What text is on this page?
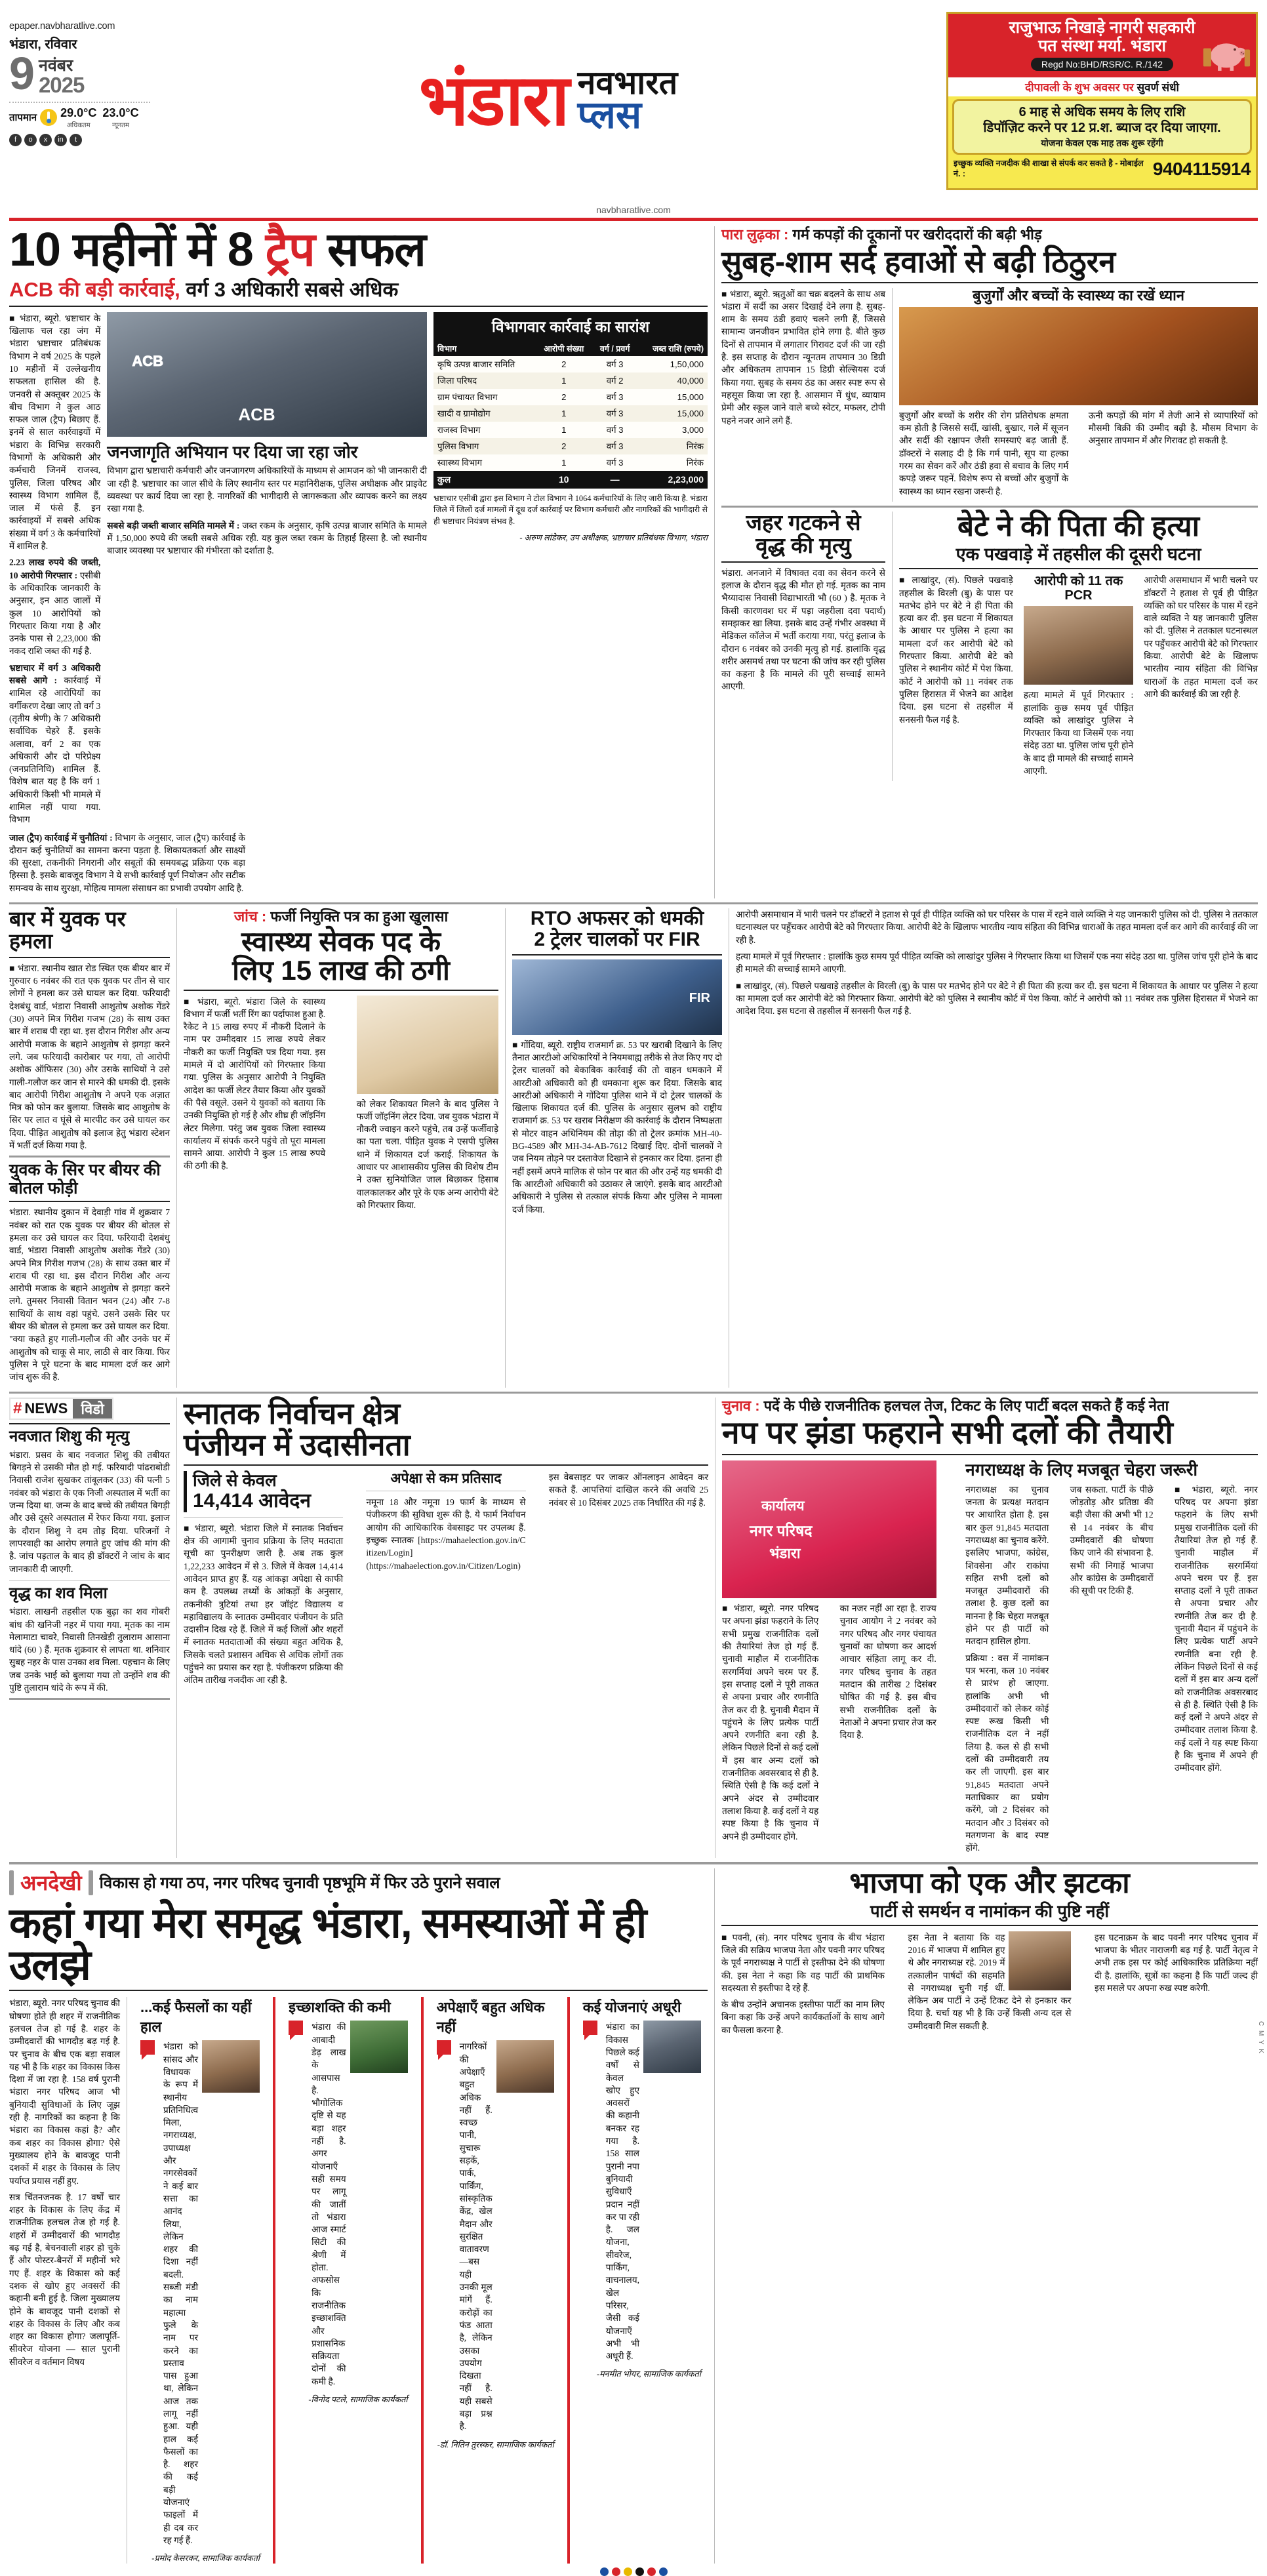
epaper.navbharatlive.com
भंडारा, रविवार
9 नवंबर
2025
तापमान 29.0°C
अधिकतम
23.0°C
न्यूनतम
f	o	x	in	t
भंडारा नवभारत
प्लस
राजुभाऊ निखाड़े नागरी सहकारी
पत संस्था मर्या. भंडारा
Regd No:BHD/RSR/C. R./142
दीपावली के शुभ अवसर पर सुवर्ण संधी
6 माह से अधिक समय के लिए राशि
डिपॉज़िट करने पर 12 प्र.श. ब्याज दर दिया जाएगा.
योजना केवल एक माह तक शुरू रहेंगी
इच्छुक व्यक्ति नजदीक की शाखा से संपर्क कर सकते है - मोबाईल नं. :	9404115914
navbharatlive.com
10 महीनों में 8 ट्रैप सफल
ACB की बड़ी कार्रवाई, वर्ग 3 अधिकारी सबसे अधिक

■ भंडारा, ब्यूरो. भ्रष्टाचार के खिलाफ चल रहा जंग में भंडारा भ्रष्टाचार प्रतिबंधक विभाग ने वर्ष 2025 के पहले 10 महीनों में उल्लेखनीय सफलता हासिल की है. जनवरी से अक्तूबर 2025 के बीच विभाग ने कुल आठ सफल जाल (ट्रैप) बिछाए हैं. इनमें से साल कार्रवाइयों में भंडारा के विभिन्न सरकारी विभागों के अधिकारी और कर्मचारी जिनमें राजस्व, पुलिस, जिला परिषद और स्वास्थ्य विभाग शामिल हैं, जाल में फंसे हैं. इन कार्रवाइयों में सबसे अधिक संख्या में वर्ग 3 के कर्मचारियों में शामिल है.

2.23 लाख रुपये की जब्ती, 10 आरोपी गिरफ्तार : एसीबी के अधिकारिक जानकारी के अनुसार, इन आठ जालों में कुल 10 आरोपियों को गिरफ्तार किया गया है और उनके पास से 2,23,000 की नकद राशि जब्त की गई है.

भ्रष्टाचार में वर्ग 3 अधिकारी सबसे आगे : कार्रवाई में शामिल रहे आरोपियों का वर्गीकरण देखा जाए तो वर्ग 3 (तृतीय श्रेणी) के 7 अधिकारी सर्वाधिक चेहरे हैं. इसके अलावा, वर्ग 2 का एक अधिकारी और दो परिप्रेक्ष्य (जनप्रतिनिधि) शामिल हैं. विशेष बात यह है कि वर्ग 1 अधिकारी किसी भी मामले में शामिल नहीं पाया गया. विभाग

ACB
ACB
जनजागृति अभियान पर दिया जा रहा जोर

विभाग द्वारा भ्रष्टाचारी कर्मचारी और जनजागरण अधिकारियों के माध्यम से आमजन को भी जानकारी दी जा रही है. भ्रष्टाचार का जाल सीधे के लिए स्थानीय स्तर पर महानिरीक्षक, पुलिस अधीक्षक और प्राइवेट व्यवस्था पर कार्य दिया जा रहा है. नागरिकों की भागीदारी से जागरूकता और व्यापक करने का लक्ष्य रखा गया है.

सबसे बड़ी जब्ती बाजार समिति मामले में : जब्त रकम के अनुसार, कृषि उत्पन्न बाजार समिति के मामले में 1,50,000 रुपये की जब्ती सबसे अधिक रही. यह कुल जब्त रकम के तिहाई हिस्सा है. जो स्थानीय बाजार व्यवस्था पर भ्रष्टाचार की गंभीरता को दर्शाता है.

विभागवार कार्रवाई का सारांश
विभाग	आरोपी संख्या	वर्ग / प्रवर्ग	जब्त राशि (रुपये)
कृषि उत्पन्न बाजार समिति	2	वर्ग 3	1,50,000
जिला परिषद	1	वर्ग 2	40,000
ग्राम पंचायत विभाग	2	वर्ग 3	15,000
खादी व ग्रामोद्योग	1	वर्ग 3	15,000
राजस्व विभाग	1	वर्ग 3	3,000
पुलिस विभाग	2	वर्ग 3	निरंक
स्वास्थ्य विभाग	1	वर्ग 3	निरंक
कुल	10	—	2,23,000

भ्रष्टाचार एसीबी द्वारा इस विभाग ने टोल विभाग ने 1064 कर्मचारियों के लिए जारी किया है. भंडारा जिले में जिलों दर्ज मामलों में दूध दर्ज कार्रवाई पर विभाग कर्मचारी और नागरिकों की भागीदारी से ही भ्रष्टाचार नियंत्रण संभव है.

- अरुण लांडेकर, उप अधीक्षक, भ्रष्टाचार प्रतिबंधक विभाग, भंडारा

जाल (ट्रैप) कार्रवाई में चुनौतियां : विभाग के अनुसार, जाल (ट्रैप) कार्रवाई के दौरान कई चुनौतियों का सामना करना पड़ता है. शिकायतकर्ता और साक्ष्यों की सुरक्षा, तकनीकी निगरानी और सबूतों की समयबद्ध प्रक्रिया एक बड़ा हिस्सा है. इसके बावजूद विभाग ने ये सभी कार्रवाई पूर्ण नियोजन और सटीक समन्वय के साथ सुरक्षा, मोहित्य मामला संसाधन का प्रभावी उपयोग आदि है.

पारा लुढ़का : गर्म कपड़ों की दूकानों पर खरीददारों की बढ़ी भीड़
सुबह-शाम सर्द हवाओं से बढ़ी ठिठुरन

■ भंडारा, ब्यूरो. ऋतुओं का चक्र बदलने के साथ अब भंडारा में सर्दी का असर दिखाई देने लगा है. सुबह-शाम के समय ठंडी हवाएं चलने लगी हैं, जिससे सामान्य जनजीवन प्रभावित होने लगा है. बीते कुछ दिनों से तापमान में लगातार गिरावट दर्ज की जा रही है. इस सप्ताह के दौरान न्यूनतम तापमान 30 डिग्री और अधिकतम तापमान 15 डिग्री सेल्सियस दर्ज किया गया. सुबह के समय ठंड का असर स्पष्ट रूप से महसूस किया जा रहा है. आसमान में धुंध, व्यायाम प्रेमी और स्कूल जाने वाले बच्चे स्वेटर, मफलर, टोपी पहने नजर आने लगे हैं.

बुजुर्गों और बच्चों के स्वास्थ्य का रखें ध्यान

बुजुर्गों और बच्चों के शरीर की रोग प्रतिरोधक क्षमता कम होती है जिससे सर्दी, खांसी, बुखार, गले में सूजन और सर्दी की रक्षापन जैसी समस्याएं बढ़ जाती हैं. डॉक्टरों ने सलाह दी है कि गर्म पानी, सूप या हल्का गरम का सेवन करें और ठंडी हवा से बचाव के लिए गर्म कपड़े जरूर पहनें. विशेष रूप से बच्चों और बुजुर्गों के स्वास्थ्य का ध्यान रखना जरूरी है.

ऊनी कपड़ों की मांग में तेजी आने से व्यापारियों को मौसमी बिक्री की उम्मीद बढ़ी है. मौसम विभाग के अनुसार तापमान में और गिरावट हो सकती है.

जहर गटकने से
वृद्ध की मृत्यु

भंडारा. अनजाने में विषाक्त दवा का सेवन करने से इलाज के दौरान वृद्ध की मौत हो गई. मृतक का नाम भैय्यादास निवासी विद्याभारती भौ (60 ) है. मृतक ने किसी कारणवश घर में पड़ा जहरीला दवा पदार्थ) समझकर खा लिया. इसके बाद उन्हें गंभीर अवस्था में मेडिकल कॉलेज में भर्ती कराया गया, परंतु इलाज के दौरान 6 नवंबर को उनकी मृत्यु हो गई. हालांकि वृद्ध शरीर असमर्थ तथा पर घटना की जांच कर रही पुलिस का कहना है कि मामले की पूरी सच्चाई सामने आएगी.

बेटे ने की पिता की हत्या
एक पखवाड़े में तहसील की दूसरी घटना

■ लाखांदुर, (सं). पिछले पखवाड़े तहसील के विरली (बु) के पास पर मतभेद होने पर बेटे ने ही पिता की हत्या कर दी. इस घटना में शिकायत के आधार पर पुलिस ने हत्या का मामला दर्ज कर आरोपी बेटे को गिरफ्तार किया. आरोपी बेटे को पुलिस ने स्थानीय कोर्ट में पेश किया. कोर्ट ने आरोपी को 11 नवंबर तक पुलिस हिरासत में भेजने का आदेश दिया. इस घटना से तहसील में सनसनी फैल गई है.

आरोपी को 11 तक PCR

हत्या मामले में पूर्व गिरफ्तार : हालांकि कुछ समय पूर्व पीड़ित व्यक्ति को लाखांदुर पुलिस ने गिरफ्तार किया था जिसमें एक नया संदेह उठा था. पुलिस जांच पूरी होने के बाद ही मामले की सच्चाई सामने आएगी.

आरोपी असमाधान में भारी चलने पर डॉक्टरों ने हताश से पूर्व ही पीड़ित व्यक्ति को घर परिसर के पास में रहने वाले व्यक्ति ने यह जानकारी पुलिस को दी. पुलिस ने ततकाल घटनास्थल पर पहुँचकर आरोपी बेटे को गिरफ्तार किया. आरोपी बेटे के खिलाफ भारतीय न्याय संहिता की विभिन्न धाराओं के तहत मामला दर्ज कर आगे की कार्रवाई की जा रही है.

बार में युवक पर हमला

■ भंडारा. स्थानीय खात रोड स्थित एक बीयर बार में गुरुवार 6 नवंबर की रात एक युवक पर तीन से चार लोगों ने हमला कर उसे घायल कर दिया. फरियादी देशबंधु वार्ड, भंडारा निवासी आशुतोष अशोक गेंडरे (30) अपने मित्र गिरीश गजभ (28) के साथ उक्त बार में शराब पी रहा था. इस दौरान गिरीश और अन्य आरोपी मजाक के बहाने आशुतोष से झगड़ा करने लगे. जब फरियादी कारोबार पर गया, तो आरोपी अशोक ऑफिसर (30) और उसके साथियों ने उसे गाली-गलौज कर जान से मारने की धमकी दी. इसके बाद आरोपी गिरीश आशुतोष ने अपने एक अज्ञात मित्र को फोन कर बुलाया. जिसके बाद आशुतोष के सिर पर लात व घूंसे से मारपीट कर उसे घायल कर दिया. पीड़ित आशुतोष को इलाज हेतु भंडारा स्टेशन में भर्ती दर्ज किया गया है.

युवक के सिर पर बीयर की बोतल फोड़ी

भंडारा. स्थानीय दुकान में देवाड़ी गांव में शुक्रवार 7 नवंबर को रात एक युवक पर बीयर की बोतल से हमला कर उसे घायल कर दिया. फरियादी देशबंधु वार्ड, भंडारा निवासी आशुतोष अशोक गेंडरे (30) अपने मित्र गिरीश गजभ (28) के साथ उक्त बार में शराब पी रहा था. इस दौरान गिरीश और अन्य आरोपी मजाक के बहाने आशुतोष से झगड़ा करने लगे. तुमसर निवासी वितान भवन (24) और 7-8 साथियों के साथ वहां पहुंचे. उसने उसके सिर पर बीयर की बोतल से हमला कर उसे घायल कर दिया. "क्या कहते हुए गाली-गलौज की और उनके घर में आशुतोष को चाकू से मार, लाठी से वार किया. फिर पुलिस ने पूरे घटना के बाद मामला दर्ज कर आगे जांच शुरू की है.

जांच : फर्जी नियुक्ति पत्र का हुआ खुलासा
स्वास्थ्य सेवक पद के
लिए 15 लाख की ठगी

■ भंडारा, ब्यूरो. भंडारा जिले के स्वास्थ्य विभाग में फर्जी भर्ती रिंग का पर्दाफाश हुआ है. रैकेट ने 15 लाख रुपए में नौकरी दिलाने के नाम पर उम्मीदवार 15 लाख रुपये लेकर नौकरी का फर्जी नियुक्ति पत्र दिया गया. इस मामले में दो आरोपियों को गिरफ्तार किया गया. पुलिस के अनुसार आरोपी ने नियुक्ति आदेश का फर्जी लेटर तैयार किया और युवकों की पैसे वसूले. उसने ये युवकों को बताया कि उनकी नियुक्ति हो गई है और शीघ्र ही जॉइनिंग लेटर मिलेगा. परंतु जब युवक जिला स्वास्थ्य कार्यालय में संपर्क करने पहुंचे तो पूरा मामला सामने आया. आरोपी ने कुल 15 लाख रुपये की ठगी की है.

को लेकर शिकायत मिलने के बाद पुलिस ने फर्जी जॉइनिंग लेटर दिया. जब युवक भंडारा में नौकरी ज्वाइन करने पहुंचे, तब उन्हें फर्जीवाड़े का पता चला. पीड़ित युवक ने एसपी पुलिस थाने में शिकायत दर्ज कराई. शिकायत के आधार पर आशासकीय पुलिस की विशेष टीम ने उक्त सुनियोजित जाल बिछाकर हिसाब वालकालकर और पूरे के एक अन्य आरोपी बेटे को गिरफ्तार किया.

RTO अफसर को धमकी
2 ट्रेलर चालकों पर FIR
FIR

■ गोंदिया, ब्यूरो. राष्ट्रीय राजमार्ग क्र. 53 पर खराबी दिखाने के लिए तैनात आरटीओ अधिकारियों ने नियमबाह्य तरीके से तेज किए गए दो ट्रेलर चालकों को बेकाबिक कार्रवाई की तो वाहन धमकाने में आरटीओ अधिकारी को ही धमकाना शुरू कर दिया. जिसके बाद आरटीओ अधिकारी ने गोंदिया पुलिस थाने में दो ट्रेलर चालकों के खिलाफ शिकायत दर्ज की. पुलिस के अनुसार सुलभ को राष्ट्रीय राजमार्ग क्र. 53 पर खराब निरीक्षण की कार्रवाई के दौरान निष्पक्षता से मोटर वाहन अधिनियम की तोड़ा की तो ट्रेलर क्रमांक MH-40-BG-4589 और MH-34-AB-7612 दिखाई दिए. दोनों चालकों ने जब नियम तोड़ने पर दस्तावेज दिखाने से इनकार कर दिया. इतना ही नहीं इसमें अपने मालिक से फोन पर बात की और उन्हें यह धमकी दी कि आरटीओ अधिकारी को उठाकर ले जाएंगे. इसके बाद आरटीओ अधिकारी ने पुलिस से तत्काल संपर्क किया और पुलिस ने मामला दर्ज किया.

आरोपी असमाधान में भारी चलने पर डॉक्टरों ने हताश से पूर्व ही पीड़ित व्यक्ति को घर परिसर के पास में रहने वाले व्यक्ति ने यह जानकारी पुलिस को दी. पुलिस ने ततकाल घटनास्थल पर पहुँचकर आरोपी बेटे को गिरफ्तार किया. आरोपी बेटे के खिलाफ भारतीय न्याय संहिता की विभिन्न धाराओं के तहत मामला दर्ज कर आगे की कार्रवाई की जा रही है.

हत्या मामले में पूर्व गिरफ्तार : हालांकि कुछ समय पूर्व पीड़ित व्यक्ति को लाखांदुर पुलिस ने गिरफ्तार किया था जिसमें एक नया संदेह उठा था. पुलिस जांच पूरी होने के बाद ही मामले की सच्चाई सामने आएगी.

■ लाखांदुर, (सं). पिछले पखवाड़े तहसील के विरली (बु) के पास पर मतभेद होने पर बेटे ने ही पिता की हत्या कर दी. इस घटना में शिकायत के आधार पर पुलिस ने हत्या का मामला दर्ज कर आरोपी बेटे को गिरफ्तार किया. आरोपी बेटे को पुलिस ने स्थानीय कोर्ट में पेश किया. कोर्ट ने आरोपी को 11 नवंबर तक पुलिस हिरासत में भेजने का आदेश दिया. इस घटना से तहसील में सनसनी फैल गई है.

# NEWS विडो
नवजात शिशु की मृत्यु

भंडारा. प्रसव के बाद नवजात शिशु की तबीयत बिगड़ने से उसकी मौत हो गई. फरियादी पांढराबोडी निवासी राजेश सुखकर तांबूलकर (33) की पत्नी 5 नवंबर को भंडारा के एक निजी अस्पताल में भर्ती का जन्म दिया था. जन्म के बाद बच्चे की तबीयत बिगड़ी और उसे दूसरे अस्पताल में रेफर किया गया. इलाज के दौरान शिशु ने दम तोड़ दिया. परिजनों ने लापरवाही का आरोप लगाते हुए जांच की मांग की है. जांच पड़ताल के बाद ही डॉक्टरों ने जांच के बाद जानकारी दी जाएगी.

वृद्ध का शव मिला

भंडारा. लाखनी तहसील एक बुढ़ा का शव गोबरी बांध की खनिजी नहर में पाया गया. मृतक का नाम मेलामाटा चावरे, निवासी तिनखेड़ी तुलाराम आसाना धांदे (60 ) हैं. मृतक शुक्रवार से लापता था. शनिवार सुबह नहर के पास उनका शव मिला. पहचान के लिए जब उनके भाई को बुलाया गया तो उन्होंने शव की पुष्टि तुलाराम धांदे के रूप में की.

स्नातक निर्वाचन क्षेत्र
पंजीयन में उदासीनता
जिले से केवल
14,414 आवेदन

■ भंडारा, ब्यूरो. भंडारा जिले में स्नातक निर्वाचन क्षेत्र की आगामी चुनाव प्रक्रिया के लिए मतदाता सूची का पुनरीक्षण जारी है. अब तक कुल 1,22,233 आवेदन में से 3. जिले में केवल 14,414 आवेदन प्राप्त हुए हैं. यह आंकड़ा अपेक्षा से काफी कम है. उपलब्ध तथ्यों के आंकड़ों के अनुसार, तकनीकी त्रुटियां तथा हर जॉइंट विद्यालय व महाविद्यालय के स्नातक उम्मीदवार पंजीयन के प्रति उदासीन दिख रहे हैं. जिले में कई जिलों और शहरों में स्नातक मतदाताओं की संख्या बहुत अधिक है, जिसके चलते प्रशासन अधिक से अधिक लोगों तक पहुंचने का प्रयास कर रहा है. पंजीकरण प्रक्रिया की अंतिम तारीख नजदीक आ रही है.

अपेक्षा से कम प्रतिसाद

नमूना 18 और नमूना 19 फार्म के माध्यम से पंजीकरण की सुविधा शुरू की है. ये फार्म निर्वाचन आयोग की आधिकारिक वेबसाइट पर उपलब्ध हैं. इच्छुक स्नातक [https://mahaelection.gov.in/C itizen/Login](https://mahaelection.gov.in/Citizen/Login)

इस वेबसाइट पर जाकर ऑनलाइन आवेदन कर सकते हैं. आपत्तियां दाखिल करने की अवधि 25 नवंबर से 10 दिसंबर 2025 तक निर्धारित की गई है.

चुनाव : पदें के पीछे राजनीतिक हलचल तेज, टिकट के लिए पार्टी बदल सकते हैं कई नेता
नप पर झंडा फहराने सभी दलों की तैयारी
कार्यालय
नगर परिषद
भंडारा

■ भंडारा, ब्यूरो. नगर परिषद पर अपना झंडा फहराने के लिए सभी प्रमुख राजनीतिक दलों की तैयारियां तेज हो गई हैं. चुनावी माहौल में राजनीतिक सरगर्मियां अपने चरम पर हैं. इस सप्ताह दलों ने पूरी ताकत से अपना प्रचार और रणनीति तेज कर दी है. चुनावी मैदान में पहुंचने के लिए प्रत्येक पार्टी अपने रणनीति बना रही है. लेकिन पिछले दिनों से कई दलों में इस बार अन्य दलों को राजनीतिक अवसरबाद से ही है. स्थिति ऐसी है कि कई दलों ने अपने अंदर से उम्मीदवार तलाश किया है. कई दलों ने यह स्पष्ट किया है कि चुनाव में अपने ही उम्मीदवार होंगे.

का नजर नहीं आ रहा है. राज्य चुनाव आयोग ने 2 नवंबर को नगर परिषद और नगर पंचायत चुनावों का घोषणा कर आदर्श आचार संहिता लागू कर दी. नगर परिषद चुनाव के तहत मतदान की तारीख 2 दिसंबर घोषित की गई है. इस बीच सभी राजनीतिक दलों के नेताओं ने अपना प्रचार तेज कर दिया है.

नगराध्यक्ष के लिए मजबूत चेहरा जरूरी

नगराध्यक्ष का चुनाव जनता के प्रत्यक्ष मतदान पर आधारित होता है. इस बार कुल 91,845 मतदाता नगराध्यक्ष का चुनाव करेंगे. इसलिए भाजपा, कांग्रेस, शिवसेना और राकांपा सहित सभी दलों को मजबूत उम्मीदवारों की तलाश है. कुछ दलों का मानना है कि चेहरा मजबूत होने पर ही पार्टी को मतदान हासिल होगा.

प्रक्रिया : वस में नामांकन पत्र भरना, कल 10 नवंबर से प्रारंभ हो जाएगा. हालांकि अभी भी उम्मीदवारों को लेकर कोई स्पष्ट रूख किसी भी राजनीतिक दल ने नहीं लिया है. कल से ही सभी दलों की उम्मीदवारी तय कर ली जाएगी. इस बार 91,845 मतदाता अपने मताधिकार का प्रयोग करेंगे, जो 2 दिसंबर को मतदान और 3 दिसंबर को मतगणना के बाद स्पष्ट होंगे.

जब सकता. पार्टी के पीछे जोड़तोड़ और प्रतिष्ठा की बड़ी जैसा की अभी भी 12 से 14 नवंबर के बीच उम्मीदवारों की घोषणा किए जाने की संभावना है. सभी की निगाहें भाजपा और कांग्रेस के उम्मीदवारों की सूची पर टिकी हैं.

■ भंडारा, ब्यूरो. नगर परिषद पर अपना झंडा फहराने के लिए सभी प्रमुख राजनीतिक दलों की तैयारियां तेज हो गई हैं. चुनावी माहौल में राजनीतिक सरगर्मियां अपने चरम पर हैं. इस सप्ताह दलों ने पूरी ताकत से अपना प्रचार और रणनीति तेज कर दी है. चुनावी मैदान में पहुंचने के लिए प्रत्येक पार्टी अपने रणनीति बना रही है. लेकिन पिछले दिनों से कई दलों में इस बार अन्य दलों को राजनीतिक अवसरबाद से ही है. स्थिति ऐसी है कि कई दलों ने अपने अंदर से उम्मीदवार तलाश किया है. कई दलों ने यह स्पष्ट किया है कि चुनाव में अपने ही उम्मीदवार होंगे.

अनदेखी विकास हो गया ठप, नगर परिषद चुनावी पृष्ठभूमि में फिर उठे पुराने सवाल
कहां गया मेरा समृद्ध भंडारा, समस्याओं में ही उलझे

भंडारा, ब्यूरो. नगर परिषद चुनाव की घोषणा होते ही शहर में राजनीतिक हलचल तेज हो गई है. शहर के उम्मीदवारों की भागदौड़ बढ़ गई है. पर चुनाव के बीच एक बड़ा सवाल यह भी है कि शहर का विकास किस दिशा में जा रहा है. 158 वर्ष पुरानी भंडारा नगर परिषद आज भी बुनियादी सुविधाओं के लिए जूझ रही है. नागरिकों का कहना है कि भंडारा का विकास कहां है? और कब शहर का विकास होगा? ऐसे मुख्यालय होने के बावजूद पानी दशकों में शहर के विकास के लिए पर्याप्त प्रयास नहीं हुए.

सत्र चिंतनजनक है. 17 वर्षों चार शहर के विकास के लिए केंद्र में राजनीतिक हलचल तेज हो गई है. शहरों में उम्मीदवारों की भागदौड़ बढ़ गई है, बेचनवाली शहर हो चुके हैं और पोस्टर-बैनरों में महीनों भरे गए हैं. शहर के विकास को कई दशक से खोए हुए अवसरों की कहानी बनी हुई है. जिला मुख्यालय होने के बावजूद पानी दशकों से शहर के विकास के लिए और कब शहर का विकास होगा? जलापूर्ति-सीवरेज योजना — साल पुरानी सीवरेज व वर्तमान विषय

...कई फैसलों का यहीं हाल

भंडारा को सांसद और विधायक के रूप में स्थानीय प्रतिनिधित्व मिला, नगराध्यक्ष, उपाध्यक्ष और नगरसेवकों ने कई बार सत्ता का आनंद लिया, लेकिन शहर की दिशा नहीं बदली. सब्जी मंडी का नाम महात्मा फुले के नाम पर करने का प्रस्ताव पास हुआ था, लेकिन आज तक लागू नहीं हुआ. यही हाल कई फैसलों का है. शहर की कई बड़ी योजनाएं फाइलों में ही दब कर रह गई हैं.

-प्रमोद केसरकर, सामाजिक कार्यकर्ता
इच्छाशक्ति की कमी

भंडारा की आबादी डेढ़ लाख के आसपास है. भौगोलिक दृष्टि से यह बड़ा शहर नहीं है. अगर योजनाएँ सही समय पर लागू की जातीं तो भंडारा आज स्मार्ट सिटी की श्रेणी में होता. अफसोस कि राजनीतिक इच्छाशक्ति और प्रशासनिक सक्रियता दोनों की कमी है.

-विनोद पटले, सामाजिक कार्यकर्ता
अपेक्षाएँ बहुत अधिक नहीं

नागरिकों की अपेक्षाएँ बहुत अधिक नहीं हैं. स्वच्छ पानी, सुचारू सड़कें, पार्क, पार्किंग, सांस्कृतिक केंद्र, खेल मैदान और सुरक्षित वातावरण—बस यही उनकी मूल मांगें हैं. करोड़ों का फंड आता है, लेकिन उसका उपयोग दिखता नहीं है. यही सबसे बड़ा प्रश्न है.

-डॉ. नितिन तुरस्कर, सामाजिक कार्यकर्ता
कई योजनाएं अधूरी

भंडारा का विकास पिछले कई वर्षों से केवल खोए हुए अवसरों की कहानी बनकर रह गया है. 158 साल पुरानी नपा बुनियादी सुविधाएँ प्रदान नहीं कर पा रही है. जल योजना, सीवरेज, पार्किंग, वाचनालय, खेल परिसर, जैसी कई योजनाएँ अभी भी अधूरी हैं.

-मनमीत भोयर, सामाजिक कार्यकर्ता
भाजपा को एक और झटका
पार्टी से समर्थन व नामांकन की पुष्टि नहीं

■ पवनी, (सं). नगर परिषद चुनाव के बीच भंडारा जिले की सक्रिय भाजपा नेता और पवनी नगर परिषद के पूर्व नगराध्यक्ष ने पार्टी से इस्तीफा देने की घोषणा की. इस नेता ने कहा कि वह पार्टी की प्राथमिक सदस्यता से इस्तीफा दे रहे हैं.

के बीच उन्होंने अचानक इस्तीफा पार्टी का नाम लिए बिना कहा कि उन्हें अपने कार्यकर्ताओं के साथ आगे का फैसला करना है.

इस नेता ने बताया कि वह 2016 में भाजपा में शामिल हुए थे और नगराध्यक्ष रहे. 2019 में तत्कालीन पार्षदों की सहमति से नगराध्यक्ष चुनी गई थीं. लेकिन अब पार्टी ने उन्हें टिकट देने से इनकार कर दिया है. चर्चा यह भी है कि उन्हें किसी अन्य दल से उम्मीदवारी मिल सकती है.

इस घटनाक्रम के बाद पवनी नगर परिषद चुनाव में भाजपा के भीतर नाराजगी बढ़ गई है. पार्टी नेतृत्व ने अभी तक इस पर कोई आधिकारिक प्रतिक्रिया नहीं दी है. हालांकि, सूत्रों का कहना है कि पार्टी जल्द ही इस मसले पर अपना रुख स्पष्ट करेगी.

C M Y K
